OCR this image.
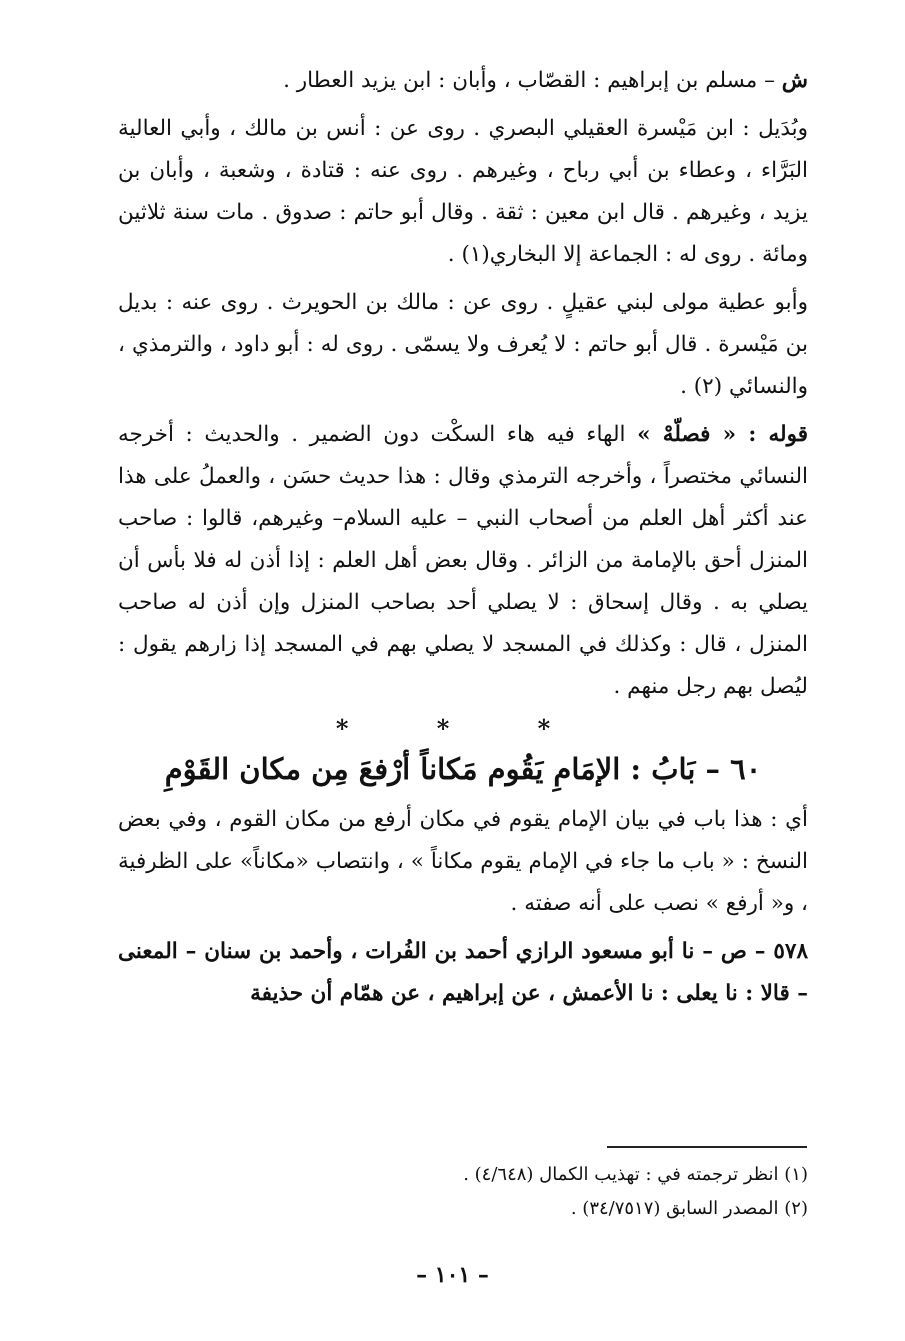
ش – مسلم بن إبراهيم : القصّاب ، وأبان : ابن يزيد العطار .

وبُدَيل : ابن مَيْسرة العقيلي البصري . روى عن : أنس بن مالك ، وأبي العالية البَرَّاء ، وعطاء بن أبي رباح ، وغيرهم . روى عنه : قتادة ، وشعبة ، وأبان بن يزيد ، وغيرهم . قال ابن معين : ثقة . وقال أبو حاتم : صدوق . مات سنة ثلاثين ومائة . روى له : الجماعة إلا البخاري(١) .

وأبو عطية مولى لبني عقيلٍ . روى عن : مالك بن الحويرث . روى عنه : بديل بن مَيْسرة . قال أبو حاتم : لا يُعرف ولا يسمّى . روى له : أبو داود ، والترمذي ، والنسائي (٢) .

قوله : « فصلّهْ » الهاء فيه هاء السكْت دون الضمير . والحديث : أخرجه النسائي مختصراً ، وأخرجه الترمذي وقال : هذا حديث حسَن ، والعملُ على هذا عند أكثر أهل العلم من أصحاب النبي – عليه السلام– وغيرهم، قالوا : صاحب المنزل أحق بالإمامة من الزائر . وقال بعض أهل العلم : إذا أذن له فلا بأس أن يصلي به . وقال إسحاق : لا يصلي أحد بصاحب المنزل وإن أذن له صاحب المنزل ، قال : وكذلك في المسجد لا يصلي بهم في المسجد إذا زارهم يقول : ليُصل بهم رجل منهم .

* * *
٦٠ – بَابُ : الإمَامِ يَقُوم مَكاناً أرْفعَ مِن مكان القَوْمِ

أي : هذا باب في بيان الإمام يقوم في مكان أرفع من مكان القوم ، وفي بعض النسخ : « باب ما جاء في الإمام يقوم مكاناً » ، وانتصاب «مكاناً» على الظرفية ، و« أرفع » نصب على أنه صفته .

٥٧٨ – ص – نا أبو مسعود الرازي أحمد بن الفُرات ، وأحمد بن سنان – المعنى – قالا : نا يعلى : نا الأعمش ، عن إبراهيم ، عن همّام أن حذيفة

(١) انظر ترجمته في : تهذيب الكمال (٤/٦٤٨) .

(٢) المصدر السابق (٣٤/٧٥١٧) .

– ١٠١ –
